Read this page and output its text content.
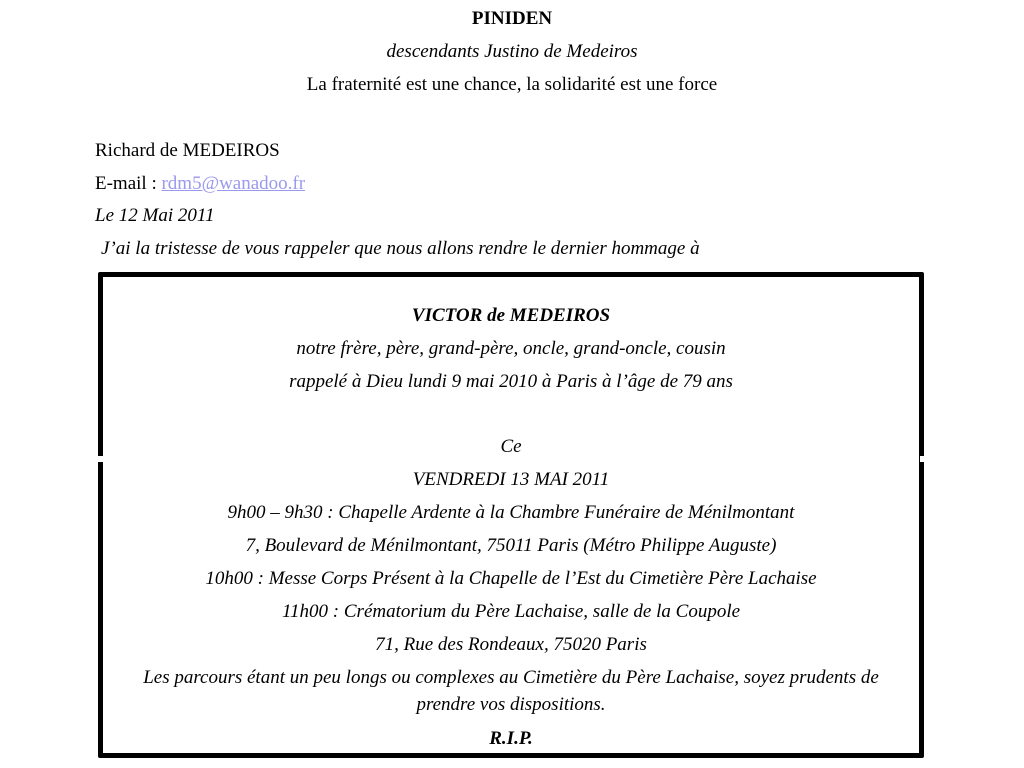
PINIDEN
descendants Justino de Medeiros
La fraternité est une chance, la solidarité est une force
Richard de MEDEIROS
E-mail : rdm5@wanadoo.fr
Le 12 Mai 2011
J’ai la tristesse de vous rappeler que nous allons rendre le dernier hommage à
VICTOR de MEDEIROS
notre frère, père, grand-père, oncle, grand-oncle, cousin
rappelé à Dieu lundi 9 mai 2010 à Paris à l’âge de 79 ans
Ce
VENDREDI 13 MAI 2011
9h00 – 9h30 : Chapelle Ardente à la Chambre Funéraire de Ménilmontant
7, Boulevard de Ménilmontant, 75011 Paris (Métro Philippe Auguste)
10h00 : Messe Corps Présent à la Chapelle de l’Est du Cimetière Père Lachaise
11h00 : Crématorium du Père Lachaise, salle de la Coupole
71, Rue des Rondeaux, 75020 Paris
Les parcours étant un peu longs ou complexes au Cimetière du Père Lachaise, soyez prudents de prendre vos dispositions.
R.I.P.
